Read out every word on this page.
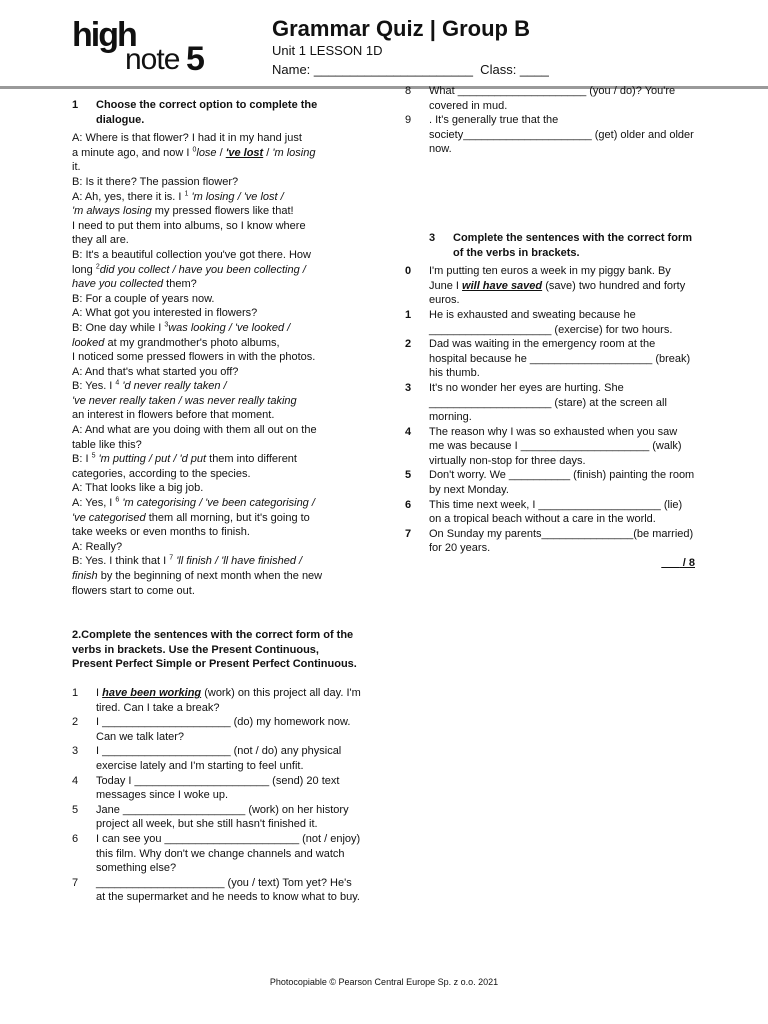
high
note 5
Grammar Quiz | Group B
Unit 1 LESSON 1D
Name: ______________________  Class: ____

1 Choose the correct option to complete the dialogue.

A: Where is that flower? I had it in my hand just

a minute ago, and now I $^0$lose / 've lost / 'm losing

it.

B: Is it there? The passion flower?

A: Ah, yes, there it is. I $^1$ 'm losing / 've lost /

'm always losing my pressed flowers like that!

I need to put them into albums, so I know where

they all are.

B: It's a beautiful collection you've got there. How

long $^2$did you collect / have you been collecting /

have you collected them?

B: For a couple of years now.

A: What got you interested in flowers?

B: One day while I $^3$was looking / 've looked /

looked at my grandmother's photo albums,

I noticed some pressed flowers in with the photos.

A: And that's what started you off?

B: Yes. I $^4$ 'd never really taken /

've never really taken / was never really taking

an interest in flowers before that moment.

A: And what are you doing with them all out on the

table like this?

B: I $^5$ 'm putting / put / 'd put them into different

categories, according to the species.

A: That looks like a big job.

A: Yes, I $^6$ 'm categorising / 've been categorising /

've categorised them all morning, but it's going to

take weeks or even months to finish.

A: Really?

B: Yes. I think that I $^7$ 'll finish / 'll have finished /

finish by the beginning of next month when the new

flowers start to come out.

2.Complete the sentences with the correct form of the verbs in brackets. Use the Present Continuous, Present Perfect Simple or Present Perfect Continuous.

1	I have been working (work) on this project all day. I'm tired. Can I take a break?
2	I _____________________ (do) my homework now. Can we talk later?
3	I _____________________ (not / do) any physical exercise lately and I'm starting to feel unfit.
4	Today I ______________________ (send) 20 text messages since I woke up.
5	Jane ____________________ (work) on her history project all week, but she still hasn't finished it.
6	I can see you ______________________ (not / enjoy) this film. Why don't we change channels and watch something else?
7	_____________________ (you / text) Tom yet? He's at the supermarket and he needs to know what to buy.
8	What _____________________ (you / do)? You're covered in mud.
9	. It's generally true that the society_____________________ (get) older and older now.

3 Complete the sentences with the correct form of the verbs in brackets.

0	I'm putting ten euros a week in my piggy bank. By June I will have saved (save) two hundred and forty euros.
1	He is exhausted and sweating because he ____________________ (exercise) for two hours.
2	Dad was waiting in the emergency room at the hospital because he ____________________ (break) his thumb.
3	It's no wonder her eyes are hurting. She ____________________ (stare) at the screen all morning.
4	The reason why I was so exhausted when you saw me was because I _____________________ (walk) virtually non-stop for three days.
5	Don't worry. We __________ (finish) painting the room by next Monday.
6	This time next week, I ____________________ (lie) on a tropical beach without a care in the world.
7	On Sunday my parents_______________(be married) for 20 years.

___ / 8

Photocopiable © Pearson Central Europe Sp. z o.o. 2021
